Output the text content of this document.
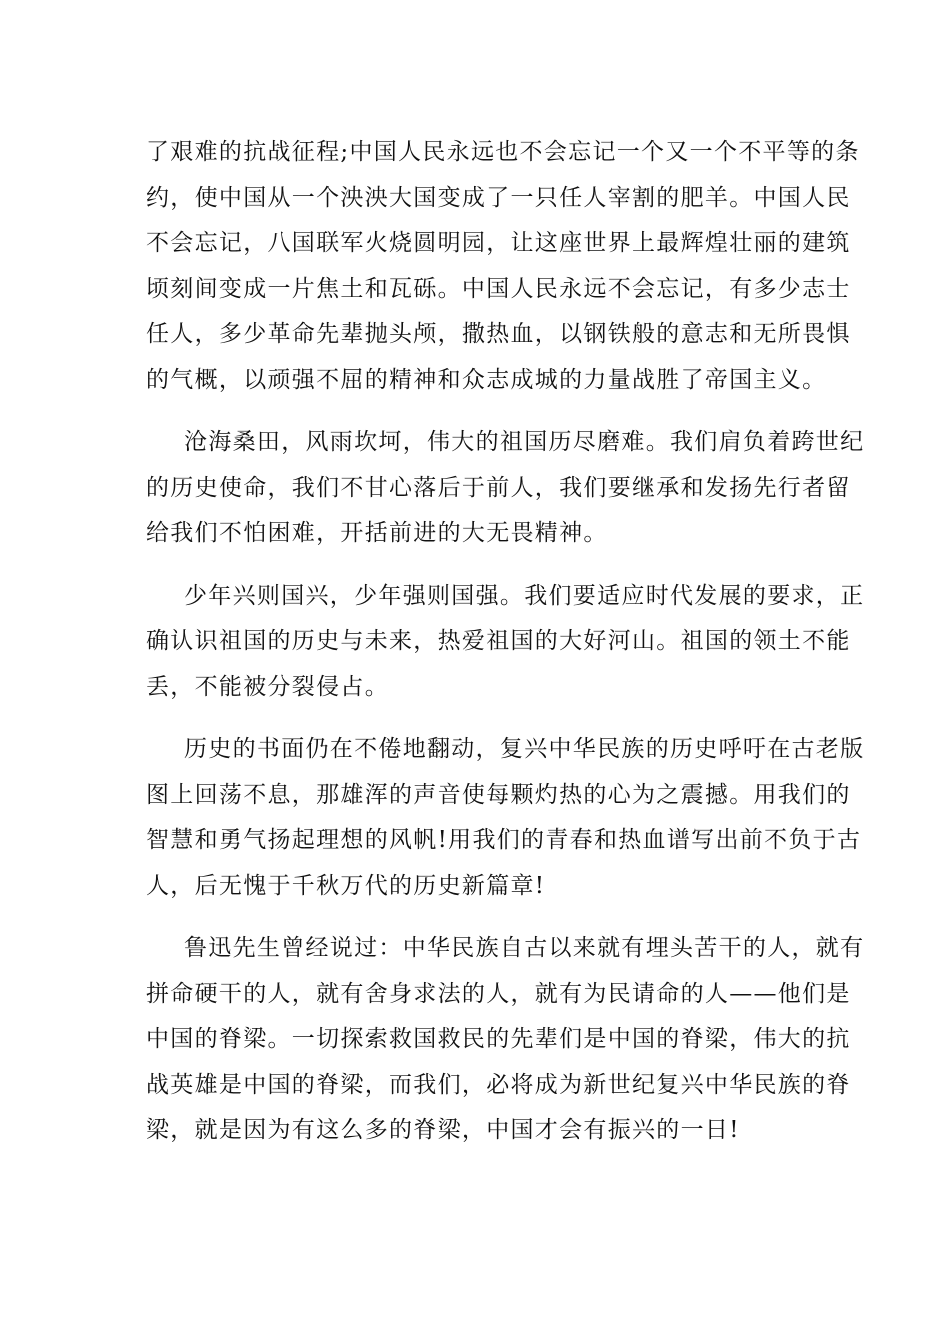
了艰难的抗战征程;中国人民永远也不会忘记一个又一个不平等的条
约，使中国从一个泱泱大国变成了一只任人宰割的肥羊。中国人民
不会忘记，八国联军火烧圆明园，让这座世界上最辉煌壮丽的建筑
顷刻间变成一片焦土和瓦砾。中国人民永远不会忘记，有多少志士
任人，多少革命先辈抛头颅，撒热血，以钢铁般的意志和无所畏惧
的气概，以顽强不屈的精神和众志成城的力量战胜了帝国主义。
沧海桑田，风雨坎坷，伟大的祖国历尽磨难。我们肩负着跨世纪
的历史使命，我们不甘心落后于前人，我们要继承和发扬先行者留
给我们不怕困难，开括前进的大无畏精神。
少年兴则国兴，少年强则国强。我们要适应时代发展的要求，正
确认识祖国的历史与未来，热爱祖国的大好河山。祖国的领土不能
丢，不能被分裂侵占。
历史的书面仍在不倦地翻动，复兴中华民族的历史呼吁在古老版
图上回荡不息，那雄浑的声音使每颗灼热的心为之震撼。用我们的
智慧和勇气扬起理想的风帆!用我们的青春和热血谱写出前不负于古
人，后无愧于千秋万代的历史新篇章!
鲁迅先生曾经说过：中华民族自古以来就有埋头苦干的人，就有
拼命硬干的人，就有舍身求法的人，就有为民请命的人——他们是
中国的脊梁。一切探索救国救民的先辈们是中国的脊梁，伟大的抗
战英雄是中国的脊梁，而我们，必将成为新世纪复兴中华民族的脊
梁，就是因为有这么多的脊梁，中国才会有振兴的一日!
